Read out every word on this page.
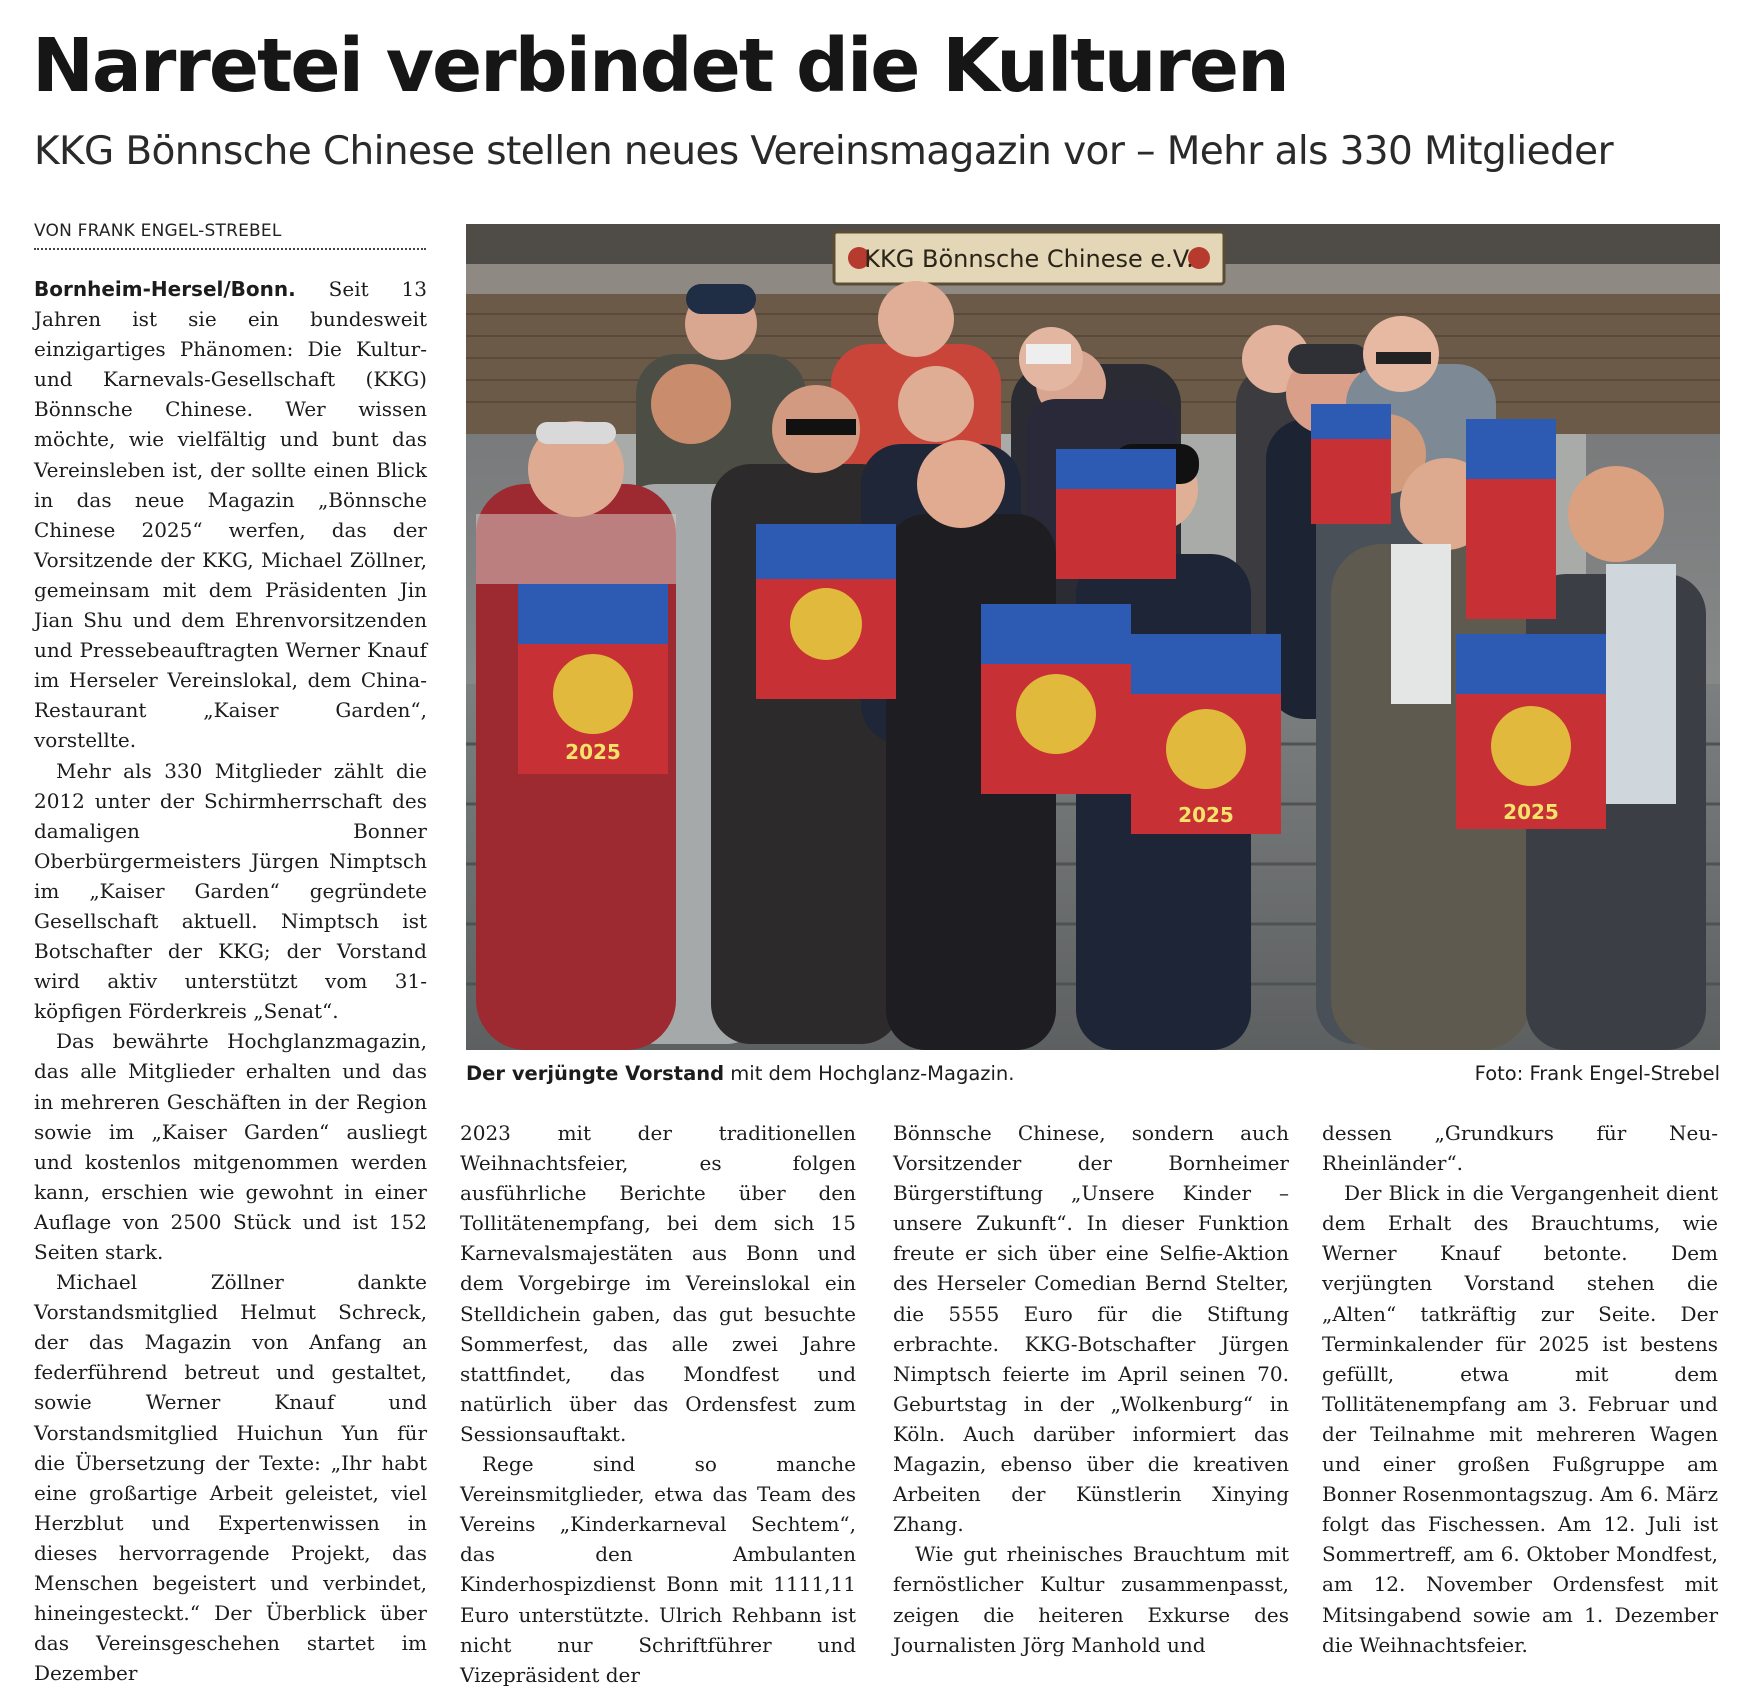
Narretei verbindet die Kulturen
KKG Bönnsche Chinese stellen neues Vereinsmagazin vor – Mehr als 330 Mitglieder
VON FRANK ENGEL-STREBEL

Bornheim-Hersel/Bonn. Seit 13 Jahren ist sie ein bundesweit einzigartiges Phänomen: Die Kultur- und Karnevals-Gesellschaft (KKG) Bönnsche Chinese. Wer wissen möchte, wie vielfältig und bunt das Vereinsleben ist, der sollte einen Blick in das neue Magazin „Bönnsche Chinese 2025“ werfen, das der Vorsitzende der KKG, Michael Zöllner, gemeinsam mit dem Präsidenten Jin Jian Shu und dem Ehrenvorsitzenden und Pressebeauftragten Werner Knauf im Herseler Vereinslokal, dem China-Restaurant „Kaiser Garden“, vorstellte.

Mehr als 330 Mitglieder zählt die 2012 unter der Schirmherrschaft des damaligen Bonner Oberbürgermeisters Jürgen Nimptsch im „Kaiser Garden“ gegründete Gesellschaft aktuell. Nimptsch ist Botschafter der KKG; der Vorstand wird aktiv unterstützt vom 31-köpfigen Förderkreis „Senat“.

Das bewährte Hochglanzmagazin, das alle Mitglieder erhalten und das in mehreren Geschäften in der Region sowie im „Kaiser Garden“ ausliegt und kostenlos mitgenommen werden kann, erschien wie gewohnt in einer Auflage von 2500 Stück und ist 152 Seiten stark.

Michael Zöllner dankte Vorstandsmitglied Helmut Schreck, der das Magazin von Anfang an federführend betreut und gestaltet, sowie Werner Knauf und Vorstandsmitglied Huichun Yun für die Übersetzung der Texte: „Ihr habt eine großartige Arbeit geleistet, viel Herzblut und Expertenwissen in dieses hervorragende Projekt, das Menschen begeistert und verbindet, hineingesteckt.“ Der Überblick über das Vereinsgeschehen startet im Dezember

KKG Bönnsche Chinese e.V.
2025
2025	2025
Der verjüngte Vorstand mit dem Hochglanz-Magazin.	Foto: Frank Engel-Strebel

2023 mit der traditionellen Weihnachtsfeier, es folgen ausführliche Berichte über den Tollitätenempfang, bei dem sich 15 Karnevalsmajestäten aus Bonn und dem Vorgebirge im Vereinslokal ein Stelldichein gaben, das gut besuchte Sommerfest, das alle zwei Jahre stattfindet, das Mondfest und natürlich über das Ordensfest zum Sessionsauftakt.

Rege sind so manche Vereinsmitglieder, etwa das Team des Vereins „Kinderkarneval Sechtem“, das den Ambulanten Kinderhospizdienst Bonn mit 1111,11 Euro unterstützte. Ulrich Rehbann ist nicht nur Schriftführer und Vizepräsident der

Bönnsche Chinese, sondern auch Vorsitzender der Bornheimer Bürgerstiftung „Unsere Kinder – unsere Zukunft“. In dieser Funktion freute er sich über eine Selfie-Aktion des Herseler Comedian Bernd Stelter, die 5555 Euro für die Stiftung erbrachte. KKG-Botschafter Jürgen Nimptsch feierte im April seinen 70. Geburtstag in der „Wolkenburg“ in Köln. Auch darüber informiert das Magazin, ebenso über die kreativen Arbeiten der Künstlerin Xinying Zhang.

Wie gut rheinisches Brauchtum mit fernöstlicher Kultur zusammenpasst, zeigen die heiteren Exkurse des Journalisten Jörg Manhold und

dessen „Grundkurs für Neu-Rheinländer“.

Der Blick in die Vergangenheit dient dem Erhalt des Brauchtums, wie Werner Knauf betonte. Dem verjüngten Vorstand stehen die „Alten“ tatkräftig zur Seite. Der Terminkalender für 2025 ist bestens gefüllt, etwa mit dem Tollitätenempfang am 3. Februar und der Teilnahme mit mehreren Wagen und einer großen Fußgruppe am Bonner Rosenmontagszug. Am 6. März folgt das Fischessen. Am 12. Juli ist Sommertreff, am 6. Oktober Mondfest, am 12. November Ordensfest mit Mitsingabend sowie am 1. Dezember die Weihnachtsfeier.
